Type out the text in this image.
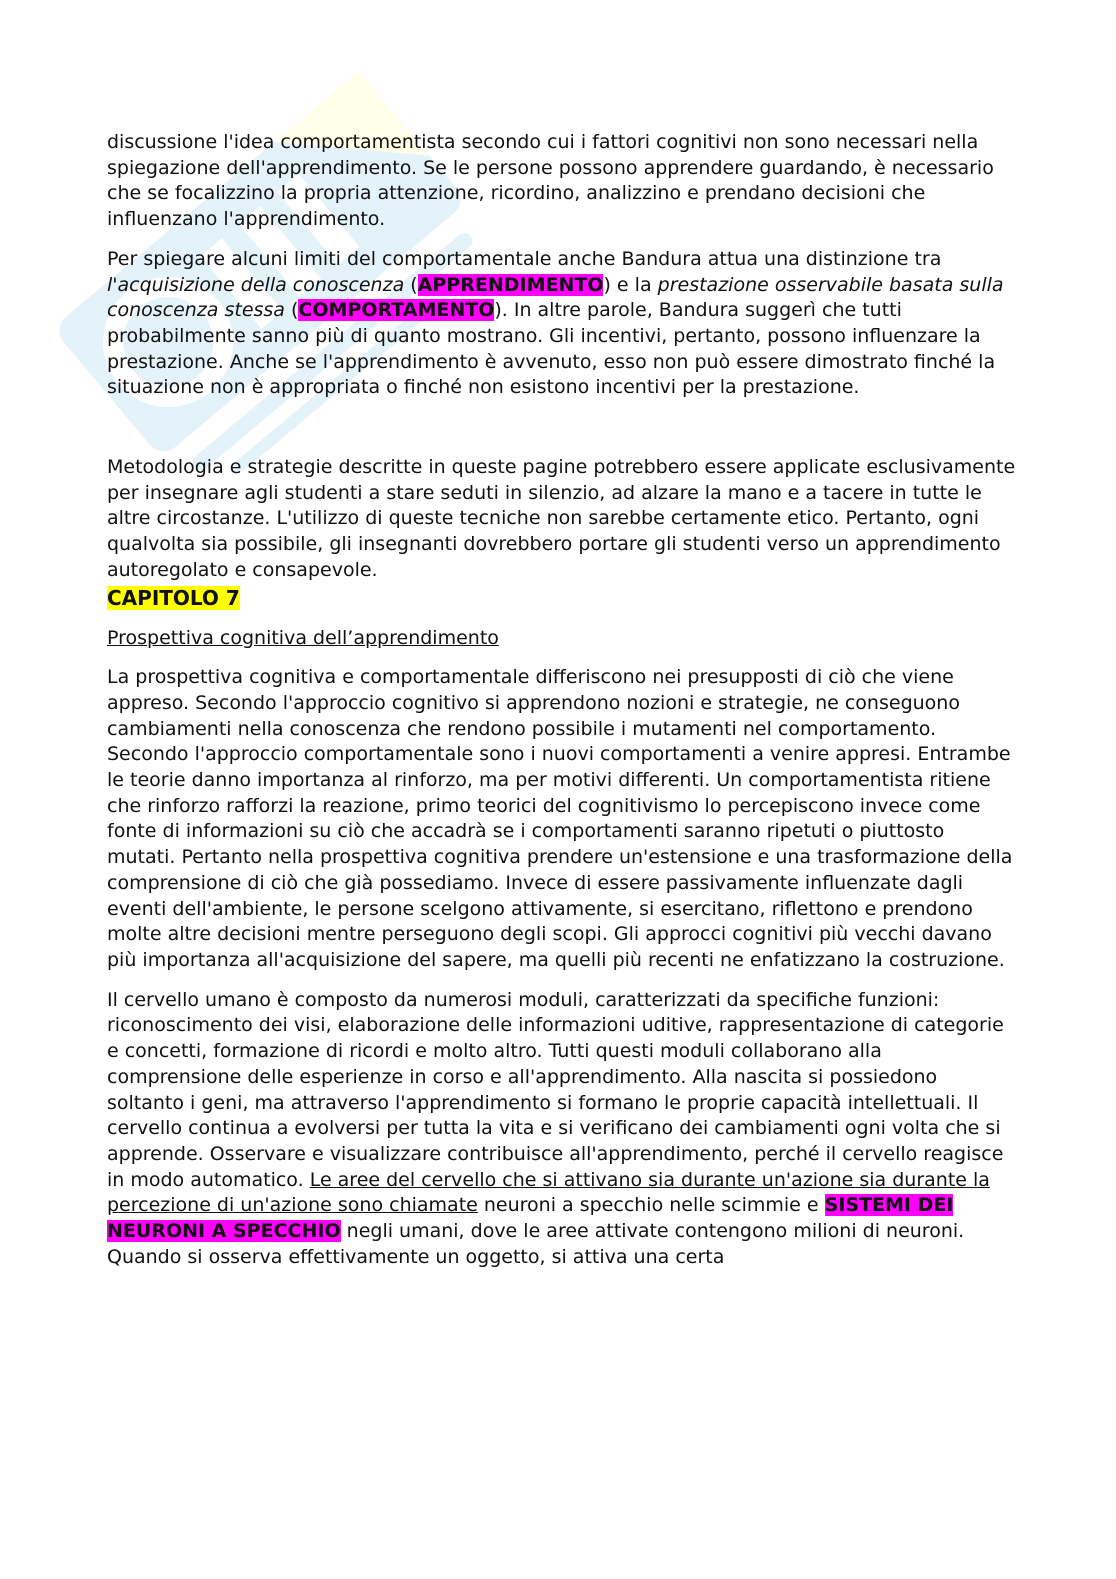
discussione l'idea comportamentista secondo cui i fattori cognitivi non sono necessari nella spiegazione dell'apprendimento. Se le persone possono apprendere guardando, è necessario che se focalizzino la propria attenzione, ricordino, analizzino e prendano decisioni che influenzano l'apprendimento.

Per spiegare alcuni limiti del comportamentale anche Bandura attua una distinzione tra l'acquisizione della conoscenza (APPRENDIMENTO) e la prestazione osservabile basata sulla conoscenza stessa (COMPORTAMENTO). In altre parole, Bandura suggerì che tutti probabilmente sanno più di quanto mostrano. Gli incentivi, pertanto, possono influenzare la prestazione. Anche se l'apprendimento è avvenuto, esso non può essere dimostrato finché la situazione non è appropriata o finché non esistono incentivi per la prestazione.

Metodologia e strategie descritte in queste pagine potrebbero essere applicate esclusivamente per insegnare agli studenti a stare seduti in silenzio, ad alzare la mano e a tacere in tutte le altre circostanze. L'utilizzo di queste tecniche non sarebbe certamente etico. Pertanto, ogni qualvolta sia possibile, gli insegnanti dovrebbero portare gli studenti verso un apprendimento autoregolato e consapevole.

CAPITOLO 7

Prospettiva cognitiva dell’apprendimento

La prospettiva cognitiva e comportamentale differiscono nei presupposti di ciò che viene appreso. Secondo l'approccio cognitivo si apprendono nozioni e strategie, ne conseguono cambiamenti nella conoscenza che rendono possibile i mutamenti nel comportamento. Secondo l'approccio comportamentale sono i nuovi comportamenti a venire appresi. Entrambe le teorie danno importanza al rinforzo, ma per motivi differenti. Un comportamentista ritiene che rinforzo rafforzi la reazione, primo teorici del cognitivismo lo percepiscono invece come fonte di informazioni su ciò che accadrà se i comportamenti saranno ripetuti o piuttosto mutati. Pertanto nella prospettiva cognitiva prendere un'estensione e una trasformazione della comprensione di ciò che già possediamo. Invece di essere passivamente influenzate dagli eventi dell'ambiente, le persone scelgono attivamente, si esercitano, riflettono e prendono molte altre decisioni mentre perseguono degli scopi. Gli approcci cognitivi più vecchi davano più importanza all'acquisizione del sapere, ma quelli più recenti ne enfatizzano la costruzione.

Il cervello umano è composto da numerosi moduli, caratterizzati da specifiche funzioni: riconoscimento dei visi, elaborazione delle informazioni uditive, rappresentazione di categorie e concetti, formazione di ricordi e molto altro. Tutti questi moduli collaborano alla comprensione delle esperienze in corso e all'apprendimento. Alla nascita si possiedono soltanto i geni, ma attraverso l'apprendimento si formano le proprie capacità intellettuali. Il cervello continua a evolversi per tutta la vita e si verificano dei cambiamenti ogni volta che si apprende. Osservare e visualizzare contribuisce all'apprendimento, perché il cervello reagisce in modo automatico. Le aree del cervello che si attivano sia durante un'azione sia durante la percezione di un'azione sono chiamate neuroni a specchio nelle scimmie e SISTEMI DEI NEURONI A SPECCHIO negli umani, dove le aree attivate contengono milioni di neuroni. Quando si osserva effettivamente un oggetto, si attiva una certa
